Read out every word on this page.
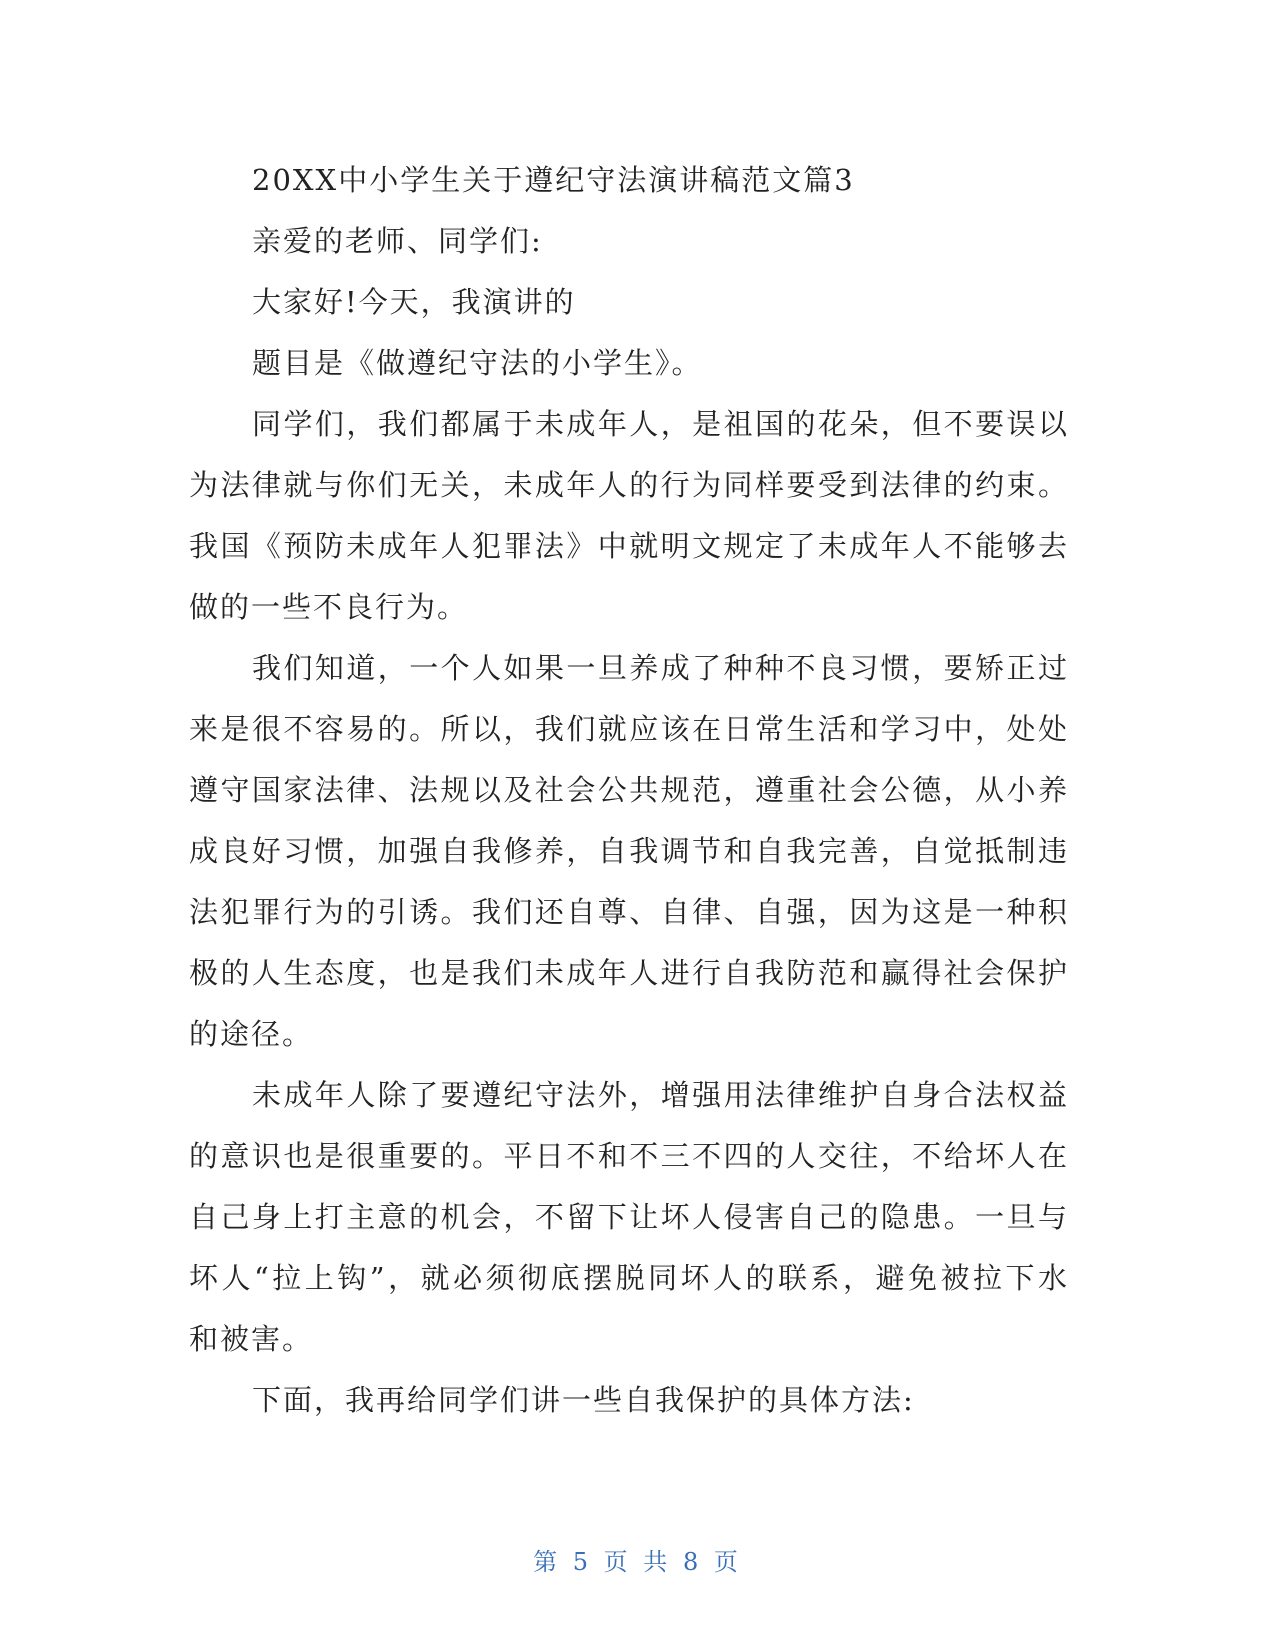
20XX中小学生关于遵纪守法演讲稿范文篇3
亲爱的老师、同学们:
大家好!今天，我演讲的
题目是《做遵纪守法的小学生》。
同学们，我们都属于未成年人，是祖国的花朵，但不要误以
为法律就与你们无关，未成年人的行为同样要受到法律的约束。
我国《预防未成年人犯罪法》中就明文规定了未成年人不能够去
做的一些不良行为。
我们知道，一个人如果一旦养成了种种不良习惯，要矫正过
来是很不容易的。所以，我们就应该在日常生活和学习中，处处
遵守国家法律、法规以及社会公共规范，遵重社会公德，从小养
成良好习惯，加强自我修养，自我调节和自我完善，自觉抵制违
法犯罪行为的引诱。我们还自尊、自律、自强，因为这是一种积
极的人生态度，也是我们未成年人进行自我防范和赢得社会保护
的途径。
未成年人除了要遵纪守法外，增强用法律维护自身合法权益
的意识也是很重要的。平日不和不三不四的人交往，不给坏人在
自己身上打主意的机会，不留下让坏人侵害自己的隐患。一旦与
坏人“拉上钩”，就必须彻底摆脱同坏人的联系，避免被拉下水
和被害。
下面，我再给同学们讲一些自我保护的具体方法:
第 5 页 共 8 页
